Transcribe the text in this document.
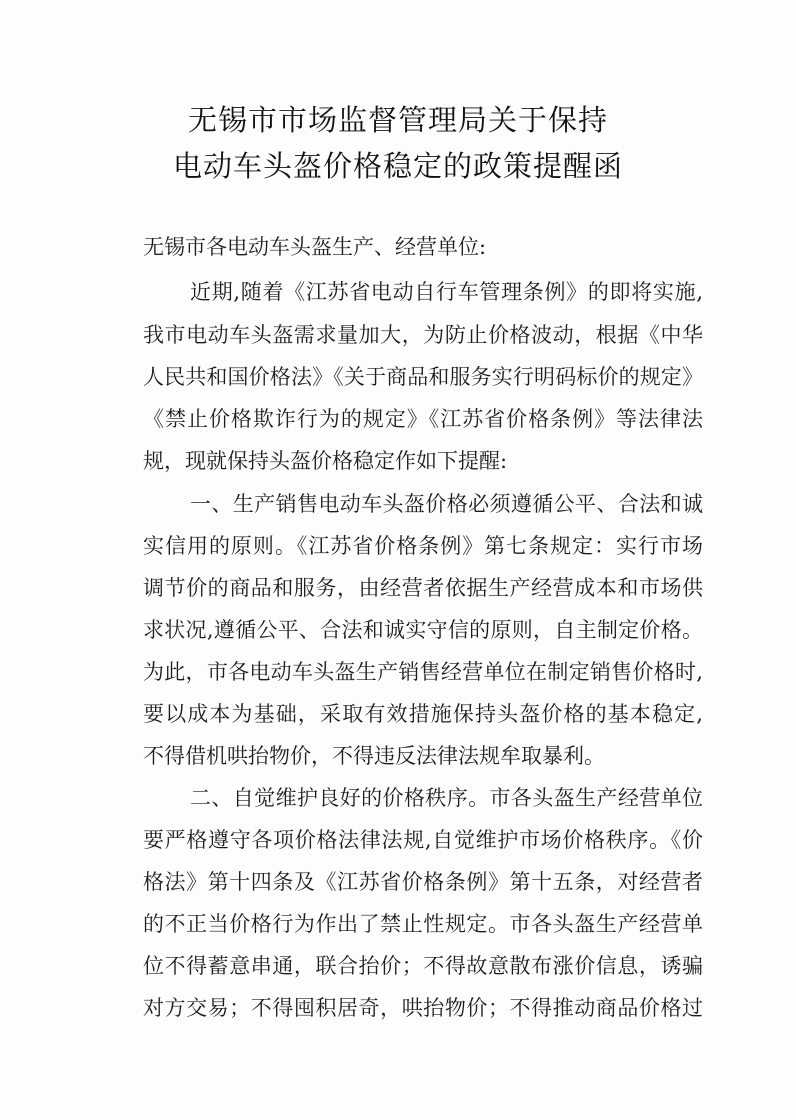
无锡市市场监督管理局关于保持
电动车头盔价格稳定的政策提醒函
无锡市各电动车头盔生产、经营单位:
近期,随着《江苏省电动自行车管理条例》的即将实施,
我市电动车头盔需求量加大，为防止价格波动，根据《中华
人民共和国价格法》《关于商品和服务实行明码标价的规定》
《禁止价格欺诈行为的规定》《江苏省价格条例》等法律法
规，现就保持头盔价格稳定作如下提醒:
一、生产销售电动车头盔价格必须遵循公平、合法和诚
实信用的原则。《江苏省价格条例》第七条规定：实行市场
调节价的商品和服务，由经营者依据生产经营成本和市场供
求状况,遵循公平、合法和诚实守信的原则，自主制定价格。
为此，市各电动车头盔生产销售经营单位在制定销售价格时,
要以成本为基础，采取有效措施保持头盔价格的基本稳定,
不得借机哄抬物价，不得违反法律法规牟取暴利。
二、自觉维护良好的价格秩序。市各头盔生产经营单位
要严格遵守各项价格法律法规,自觉维护市场价格秩序。《价
格法》第十四条及《江苏省价格条例》第十五条，对经营者
的不正当价格行为作出了禁止性规定。市各头盔生产经营单
位不得蓄意串通，联合抬价；不得故意散布涨价信息，诱骗
对方交易；不得囤积居奇，哄抬物价；不得推动商品价格过
